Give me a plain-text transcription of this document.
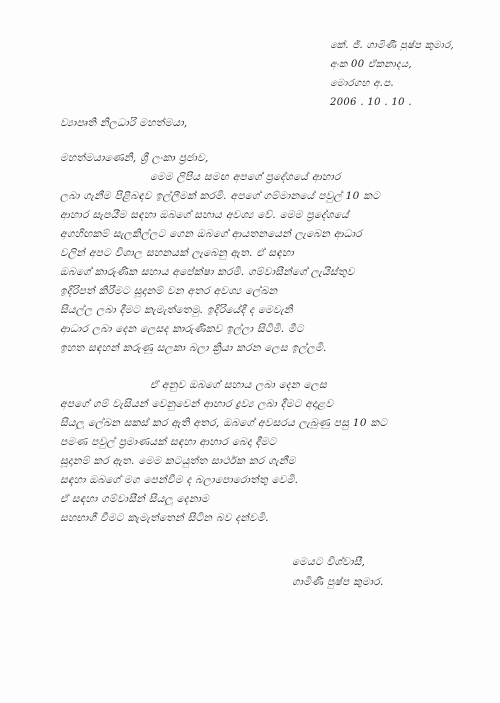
කේ. ජී. ගාමිණී පුෂ්ප කුමාර,
අංක 00 ඒකනාදය,
මොරගහ අ.ප.
2006 . 10 . 10 .
ව්‍යාපෘති නිලධාරි මහත්මයා,
මහත්මයාණෙනි, ශ්‍රී ලංකා ප්‍රජාව,
මෙම ලිපිය සමඟ අපගේ ප්‍රදේශයේ ආහාර
ලබා ගැනීම පිළිබඳව ඉල්ලීමක් කරමි. අපගේ ගම්මානයේ පවුල් 10 කට
ආහාර සැපයීම සඳහා ඔබගේ සහාය අවශ්‍ය වේ. මෙම ප්‍රදේශයේ
අගහිඟකම් සැලකිල්ලට ගෙන ඔබගේ ආයතනයෙන් ලැබෙන ආධාර
වලින් අපට විශාල සහනයක් ලැබෙනු ඇත. ඒ සඳහා
ඔබගේ කාරුණික සහාය අපේක්ෂා කරමි. ගම්වාසීන්ගේ ලැයිස්තුව
ඉදිරිපත් කිරීමට සූදානම් වන අතර අවශ්‍ය ලේඛන
සියල්ල ලබා දීමට කැමැත්තෙමු. ඉදිරියේදී ද මෙවැනි
ආධාර ලබා දෙන ලෙසද කාරුණිකව ඉල්ලා සිටිමි. මීට
ඉහත සඳහන් කරුණු සලකා බලා ක්‍රියා කරන ලෙස ඉල්ලමි.
ඒ අනුව ඔබගේ සහාය ලබා දෙන ලෙස
අපගේ ගම් වැසියන් වෙනුවෙන් ආහාර ද්‍රව්‍ය ලබා දීමට අදාළව
සියලු ලේඛන සකස් කර ඇති අතර, ඔබගේ අවසරය ලැබුණු පසු 10 කට
පමණ පවුල් ප්‍රමාණයක් සඳහා ආහාර බෙදා දීමට
සූදානම් කර ඇත. මෙම කටයුත්ත සාර්ථක කර ගැනීම
සඳහා ඔබගේ මග පෙන්වීම ද බලාපොරොත්තු වෙමි.
ඒ සඳහා ගම්වාසීන් සියලු දෙනාම
සහභාගී වීමට කැමැත්තෙන් සිටින බව දන්වමි.
මෙයට විශ්වාසී,
ගාමිණී පුෂ්ප කුමාර.
